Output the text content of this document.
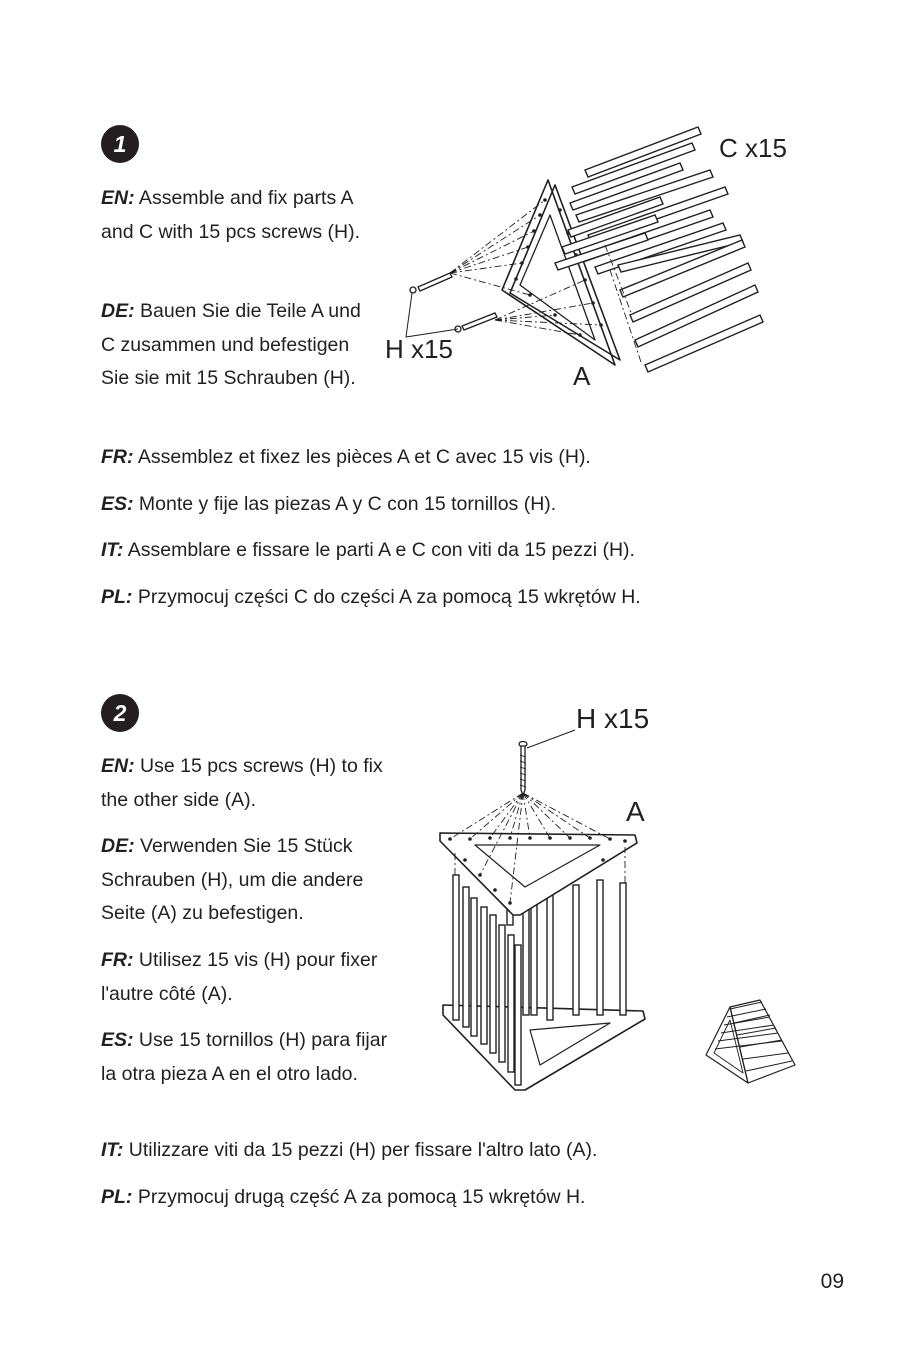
1

EN: Assemble and fix parts A and C with 15 pcs screws (H).

DE: Bauen Sie die Teile A und C zusammen und befestigen Sie sie mit 15 Schrauben (H).

FR: Assemblez et fixez les pièces A et C avec 15 vis (H).

ES: Monte y fije las piezas A y C con 15 tornillos (H).

IT: Assemblare e fissare le parti A e C con viti da 15 pezzi (H).

PL: Przymocuj części C do części A za pomocą 15 wkrętów H.

C x15
H x15
A
2

EN: Use 15 pcs screws (H) to fix the other side (A).

DE: Verwenden Sie 15 Stück Schrauben (H), um die andere Seite (A) zu befestigen.

FR: Utilisez 15 vis (H) pour fixer l'autre côté (A).

ES: Use 15 tornillos (H) para fijar la otra pieza A en el otro lado.

IT: Utilizzare viti da 15 pezzi (H) per fissare l'altro lato (A).

PL: Przymocuj drugą część A za pomocą 15 wkrętów H.

H x15
A
09
